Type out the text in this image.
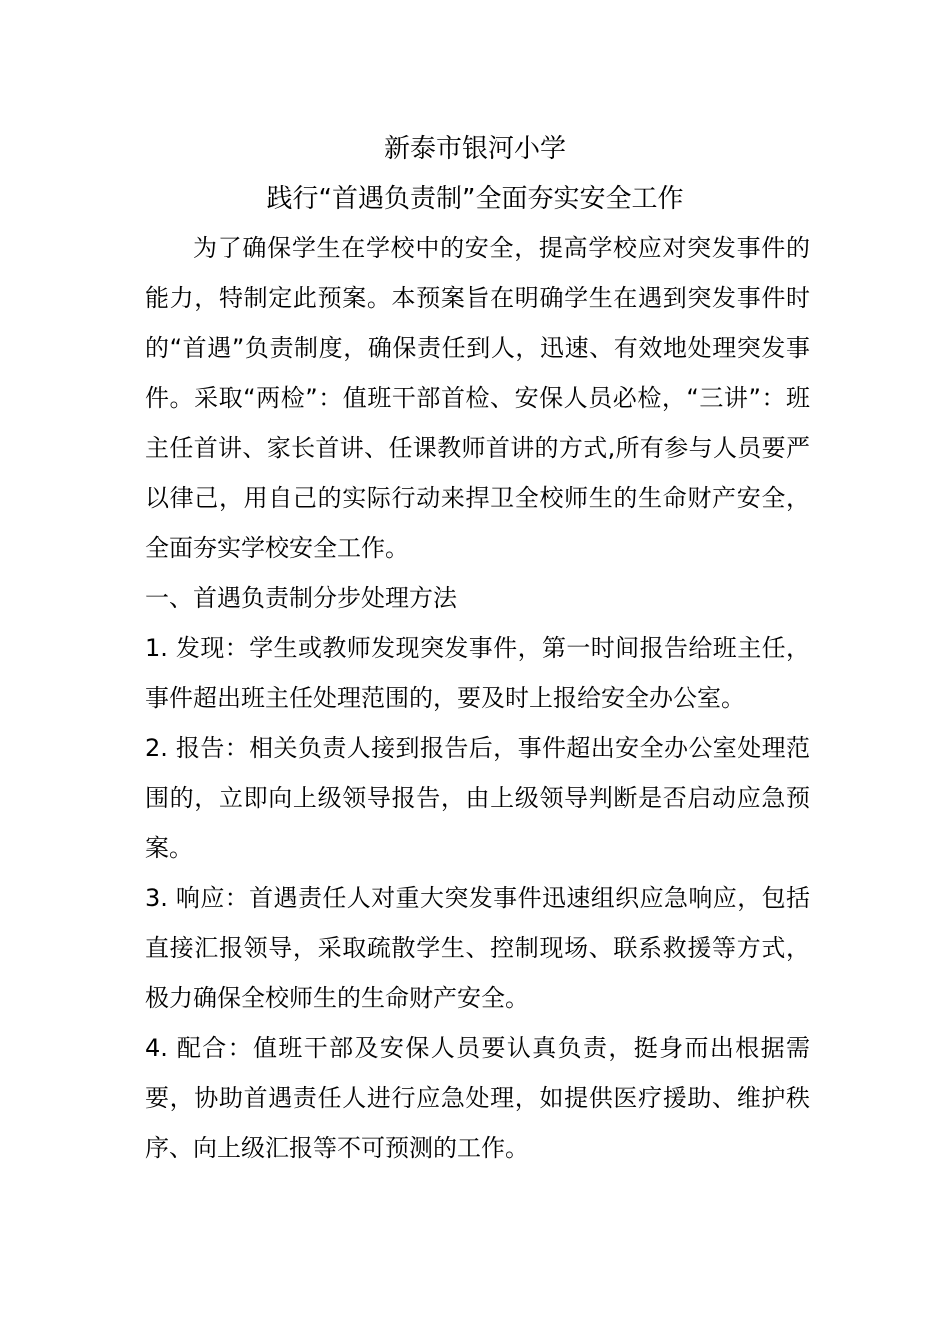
新泰市银河小学
践行“首遇负责制”全面夯实安全工作

为了确保学生在学校中的安全，提高学校应对突发事件的能力，特制定此预案。本预案旨在明确学生在遇到突发事件时的“首遇”负责制度，确保责任到人，迅速、有效地处理突发事件。采取“两检”：值班干部首检、安保人员必检，“三讲”：班主任首讲、家长首讲、任课教师首讲的方式,所有参与人员要严以律己，用自己的实际行动来捍卫全校师生的生命财产安全，全面夯实学校安全工作。

一、首遇负责制分步处理方法

1. 发现：学生或教师发现突发事件，第一时间报告给班主任，事件超出班主任处理范围的，要及时上报给安全办公室。

2. 报告：相关负责人接到报告后，事件超出安全办公室处理范围的，立即向上级领导报告，由上级领导判断是否启动应急预案。

3. 响应：首遇责任人对重大突发事件迅速组织应急响应，包括直接汇报领导，采取疏散学生、控制现场、联系救援等方式，极力确保全校师生的生命财产安全。

4. 配合：值班干部及安保人员要认真负责，挺身而出根据需要，协助首遇责任人进行应急处理，如提供医疗援助、维护秩序、向上级汇报等不可预测的工作。
